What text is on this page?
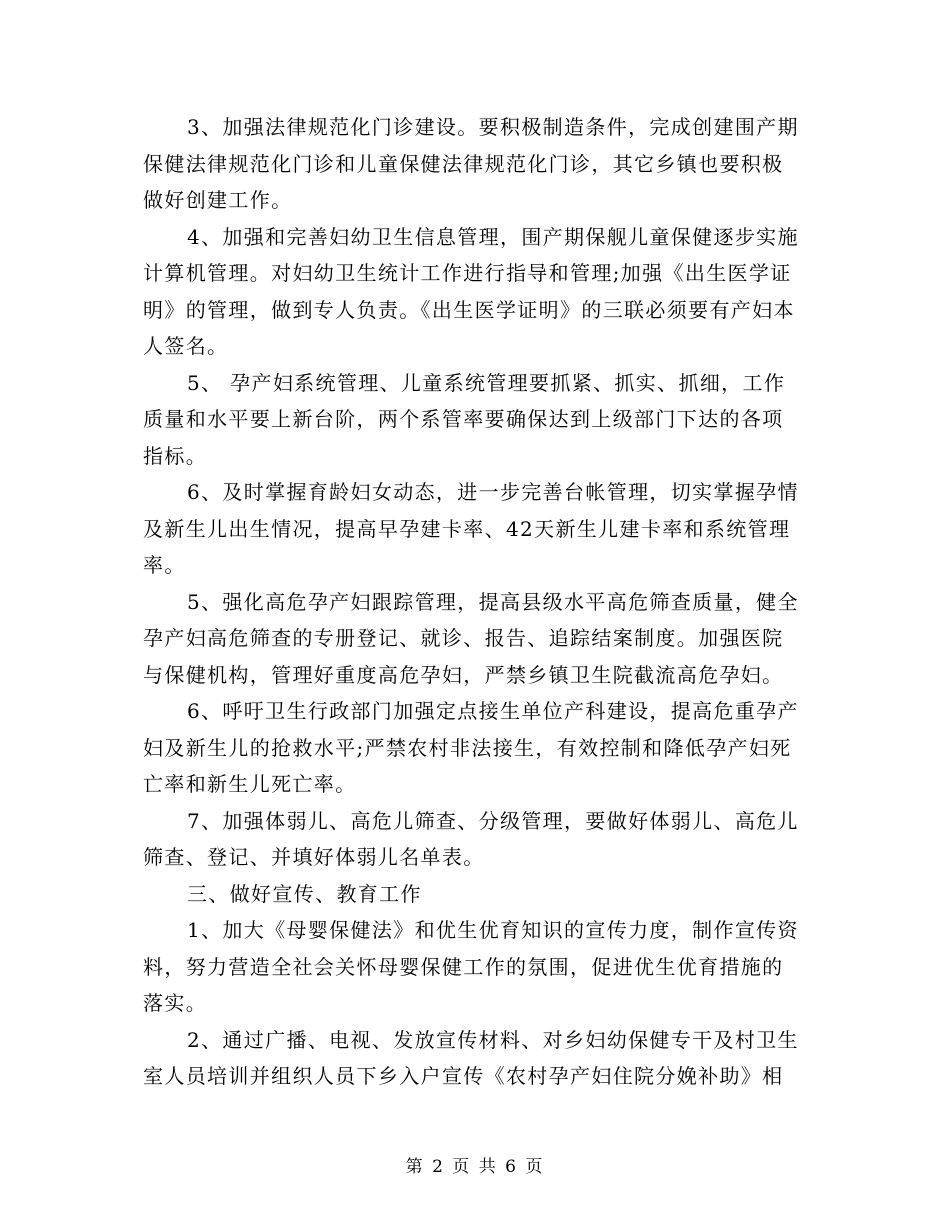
3、加强法律规范化门诊建设。要积极制造条件，完成创建围产期保健法律规范化门诊和儿童保健法律规范化门诊，其它乡镇也要积极做好创建工作。

4、加强和完善妇幼卫生信息管理，围产期保舰儿童保健逐步实施计算机管理。对妇幼卫生统计工作进行指导和管理;加强《出生医学证明》的管理，做到专人负责。《出生医学证明》的三联必须要有产妇本人签名。

5、 孕产妇系统管理、儿童系统管理要抓紧、抓实、抓细，工作质量和水平要上新台阶，两个系管率要确保达到上级部门下达的各项指标。

6、及时掌握育龄妇女动态，进一步完善台帐管理，切实掌握孕情及新生儿出生情况，提高早孕建卡率、42天新生儿建卡率和系统管理率。

5、强化高危孕产妇跟踪管理，提高县级水平高危筛查质量，健全孕产妇高危筛查的专册登记、就诊、报告、追踪结案制度。加强医院与保健机构，管理好重度高危孕妇，严禁乡镇卫生院截流高危孕妇。

6、呼吁卫生行政部门加强定点接生单位产科建设，提高危重孕产妇及新生儿的抢救水平;严禁农村非法接生，有效控制和降低孕产妇死亡率和新生儿死亡率。

7、加强体弱儿、高危儿筛查、分级管理，要做好体弱儿、高危儿筛查、登记、并填好体弱儿名单表。

三、做好宣传、教育工作

1、加大《母婴保健法》和优生优育知识的宣传力度，制作宣传资料，努力营造全社会关怀母婴保健工作的氛围，促进优生优育措施的落实。

2、通过广播、电视、发放宣传材料、对乡妇幼保健专干及村卫生室人员培训并组织人员下乡入户宣传《农村孕产妇住院分娩补助》相

第 2 页 共 6 页
